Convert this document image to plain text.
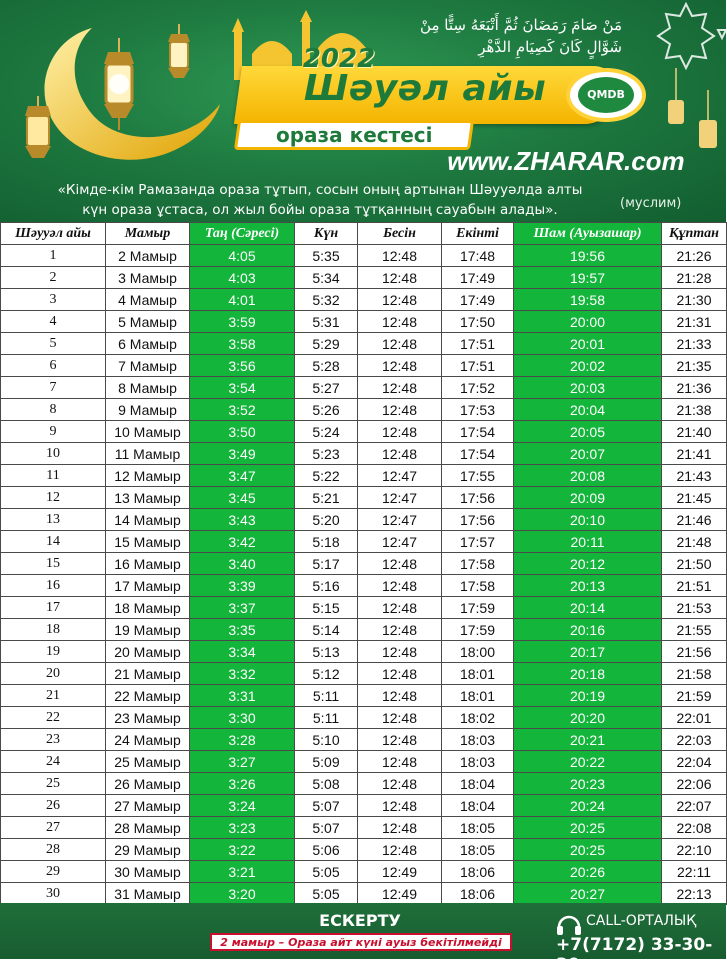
2022
Шәуәл айы	QMDB
ораза кестесі
www.ZHARAR.com
مَنْ صَامَ رَمَضَانَ ثُمَّ أَتْبَعَهُ سِتًّا مِنْ
شَوَّالٍ كَانَ كَصِيَامِ الدَّهْرِ
«Кімде-кім Рамазанда ораза тұтып, сосын оның артынан Шәууәлда алты
күн ораза ұстаса, ол жыл бойы ораза тұтқанның сауабын алады».	(муслим)
Шәууәл айы	Мамыр	Таң (Сәресі)	Күн	Бесін	Екінті	Шам (Ауызашар)	Құптан
1	2 Мамыр	4:05	5:35	12:48	17:48	19:56	21:26
2	3 Мамыр	4:03	5:34	12:48	17:49	19:57	21:28
3	4 Мамыр	4:01	5:32	12:48	17:49	19:58	21:30
4	5 Мамыр	3:59	5:31	12:48	17:50	20:00	21:31
5	6 Мамыр	3:58	5:29	12:48	17:51	20:01	21:33
6	7 Мамыр	3:56	5:28	12:48	17:51	20:02	21:35
7	8 Мамыр	3:54	5:27	12:48	17:52	20:03	21:36
8	9 Мамыр	3:52	5:26	12:48	17:53	20:04	21:38
9	10 Мамыр	3:50	5:24	12:48	17:54	20:05	21:40
10	11 Мамыр	3:49	5:23	12:48	17:54	20:07	21:41
11	12 Мамыр	3:47	5:22	12:47	17:55	20:08	21:43
12	13 Мамыр	3:45	5:21	12:47	17:56	20:09	21:45
13	14 Мамыр	3:43	5:20	12:47	17:56	20:10	21:46
14	15 Мамыр	3:42	5:18	12:47	17:57	20:11	21:48
15	16 Мамыр	3:40	5:17	12:48	17:58	20:12	21:50
16	17 Мамыр	3:39	5:16	12:48	17:58	20:13	21:51
17	18 Мамыр	3:37	5:15	12:48	17:59	20:14	21:53
18	19 Мамыр	3:35	5:14	12:48	17:59	20:16	21:55
19	20 Мамыр	3:34	5:13	12:48	18:00	20:17	21:56
20	21 Мамыр	3:32	5:12	12:48	18:01	20:18	21:58
21	22 Мамыр	3:31	5:11	12:48	18:01	20:19	21:59
22	23 Мамыр	3:30	5:11	12:48	18:02	20:20	22:01
23	24 Мамыр	3:28	5:10	12:48	18:03	20:21	22:03
24	25 Мамыр	3:27	5:09	12:48	18:03	20:22	22:04
25	26 Мамыр	3:26	5:08	12:48	18:04	20:23	22:06
26	27 Мамыр	3:24	5:07	12:48	18:04	20:24	22:07
27	28 Мамыр	3:23	5:07	12:48	18:05	20:25	22:08
28	29 Мамыр	3:22	5:06	12:48	18:05	20:25	22:10
29	30 Мамыр	3:21	5:05	12:49	18:06	20:26	22:11
30	31 Мамыр	3:20	5:05	12:49	18:06	20:27	22:13
ЕСКЕРТУ
2 мамыр – Ораза айт күні ауыз бекітілмейді
CALL-ОРТАЛЫҚ
+7(7172) 33-30-30
